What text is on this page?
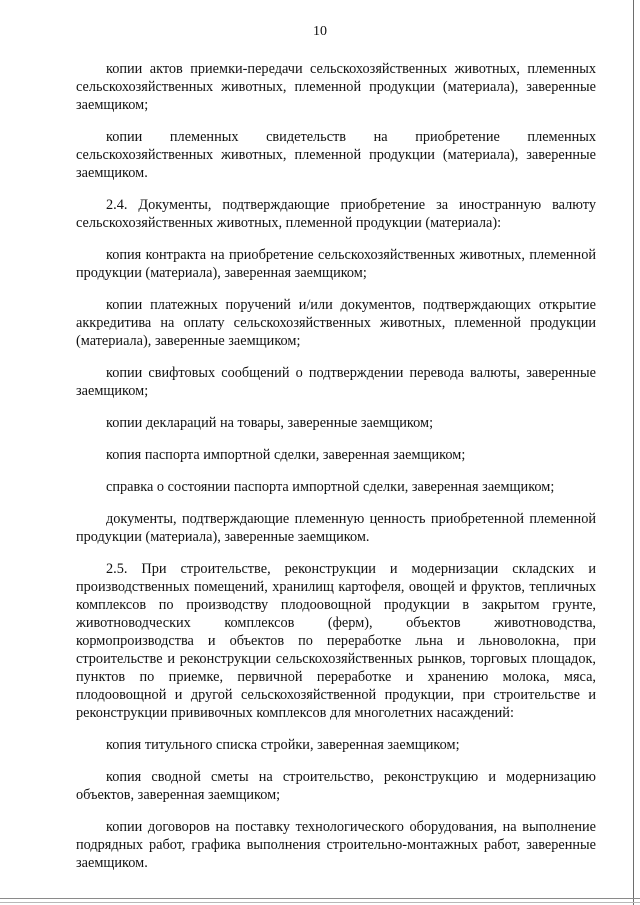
10

копии актов приемки-передачи сельскохозяйственных животных, племенных сельскохозяйственных животных, племенной продукции (материала), заверенные заемщиком;

копии племенных свидетельств на приобретение племенных сельскохозяйственных животных, племенной продукции (материала), заверенные заемщиком.

2.4. Документы, подтверждающие приобретение за иностранную валюту сельскохозяйственных животных, племенной продукции (материала):

копия контракта на приобретение сельскохозяйственных животных, племенной продукции (материала), заверенная заемщиком;

копии платежных поручений и/или документов, подтверждающих открытие аккредитива на оплату сельскохозяйственных животных, племенной продукции (материала), заверенные заемщиком;

копии свифтовых сообщений о подтверждении перевода валюты, заверенные заемщиком;

копии деклараций на товары, заверенные заемщиком;

копия паспорта импортной сделки, заверенная заемщиком;

справка о состоянии паспорта импортной сделки, заверенная заемщиком;

документы, подтверждающие племенную ценность приобретенной племенной продукции (материала), заверенные заемщиком.

2.5. При строительстве, реконструкции и модернизации складских и производственных помещений, хранилищ картофеля, овощей и фруктов, тепличных комплексов по производству плодоовощной продукции в закрытом грунте, животноводческих комплексов (ферм), объектов животноводства, кормопроизводства и объектов по переработке льна и льноволокна, при строительстве и реконструкции сельскохозяйственных рынков, торговых площадок, пунктов по приемке, первичной переработке и хранению молока, мяса, плодоовощной и другой сельскохозяйственной продукции, при строительстве и реконструкции прививочных комплексов для многолетних насаждений:

копия титульного списка стройки, заверенная заемщиком;

копия сводной сметы на строительство, реконструкцию и модернизацию объектов, заверенная заемщиком;

копии договоров на поставку технологического оборудования, на выполнение подрядных работ, графика выполнения строительно-монтажных работ, заверенные заемщиком.
